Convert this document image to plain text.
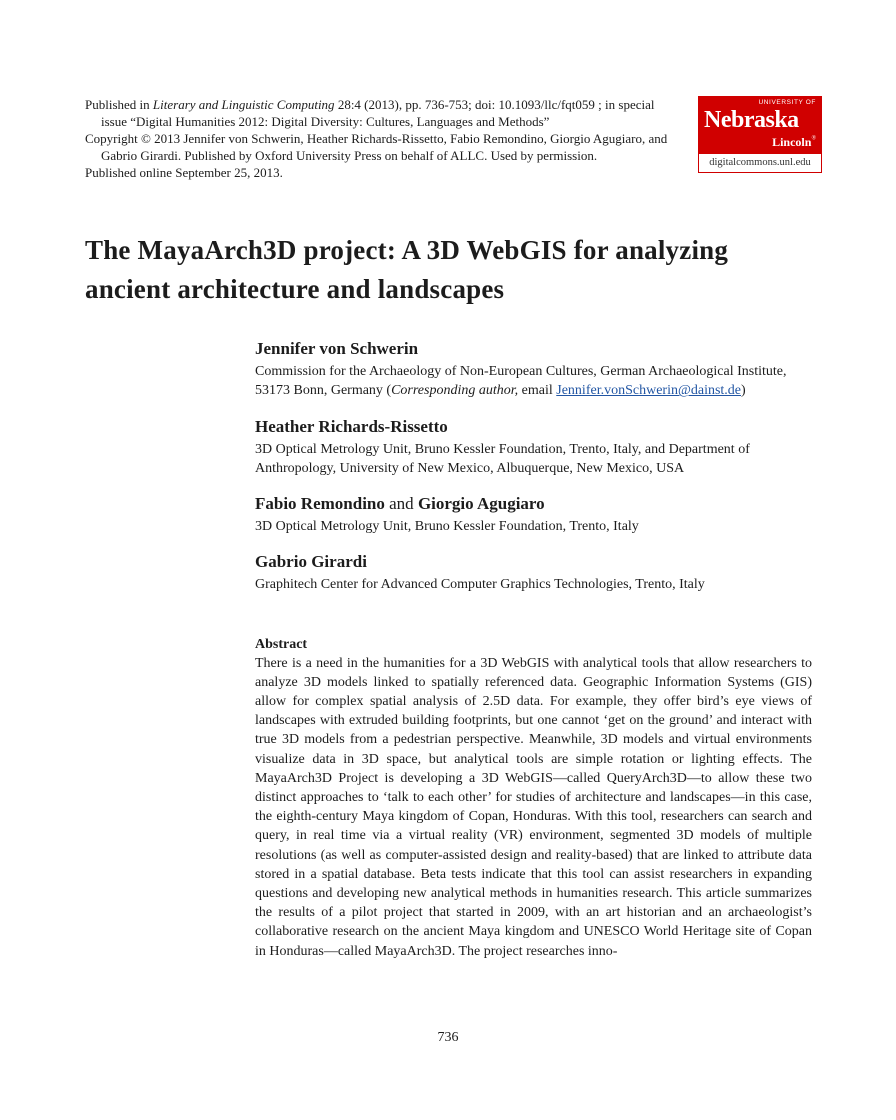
Published in Literary and Linguistic Computing 28:4 (2013), pp. 736-753; doi: 10.1093/llc/fqt059 ; in special issue “Digital Humanities 2012: Digital Diversity: Cultures, Languages and Methods”

Copyright © 2013 Jennifer von Schwerin, Heather Richards-Rissetto, Fabio Remondino, Giorgio Agugiaro, and Gabrio Girardi. Published by Oxford University Press on behalf of ALLC. Used by permission.

Published online September 25, 2013.

UNIVERSITY OF
Nebraska
Lincoln®
digitalcommons.unl.edu
The MayaArch3D project: A 3D WebGIS for analyzing ancient architecture and landscapes
Jennifer von Schwerin

Commission for the Archaeology of Non-European Cultures, German Archaeological Institute, 53173 Bonn, Germany (Corresponding author, email Jennifer.vonSchwerin@dainst.de)

Heather Richards-Rissetto

3D Optical Metrology Unit, Bruno Kessler Foundation, Trento, Italy, and Department of Anthropology, University of New Mexico, Albuquerque, New Mexico, USA

Fabio Remondino and Giorgio Agugiaro

3D Optical Metrology Unit, Bruno Kessler Foundation, Trento, Italy

Gabrio Girardi

Graphitech Center for Advanced Computer Graphics Technologies, Trento, Italy

Abstract
There is a need in the humanities for a 3D WebGIS with analytical tools that allow researchers to analyze 3D models linked to spatially referenced data. Geographic Information Systems (GIS) allow for complex spatial analysis of 2.5D data. For example, they offer bird’s eye views of landscapes with extruded building footprints, but one cannot ‘get on the ground’ and interact with true 3D models from a pedestrian perspective. Meanwhile, 3D models and virtual environments visualize data in 3D space, but analytical tools are simple rotation or lighting effects. The MayaArch3D Project is developing a 3D WebGIS—called QueryArch3D—to allow these two distinct approaches to ‘talk to each other’ for studies of architecture and landscapes—in this case, the eighth-century Maya kingdom of Copan, Honduras. With this tool, researchers can search and query, in real time via a virtual reality (VR) environment, segmented 3D models of multiple resolutions (as well as computer-assisted design and reality-based) that are linked to attribute data stored in a spatial database. Beta tests indicate that this tool can assist researchers in expanding questions and developing new analytical methods in humanities research. This article summarizes the results of a pilot project that started in 2009, with an art historian and an archaeologist’s collaborative research on the ancient Maya kingdom and UNESCO World Heritage site of Copan in Honduras—called MayaArch3D. The project researches inno-
736
